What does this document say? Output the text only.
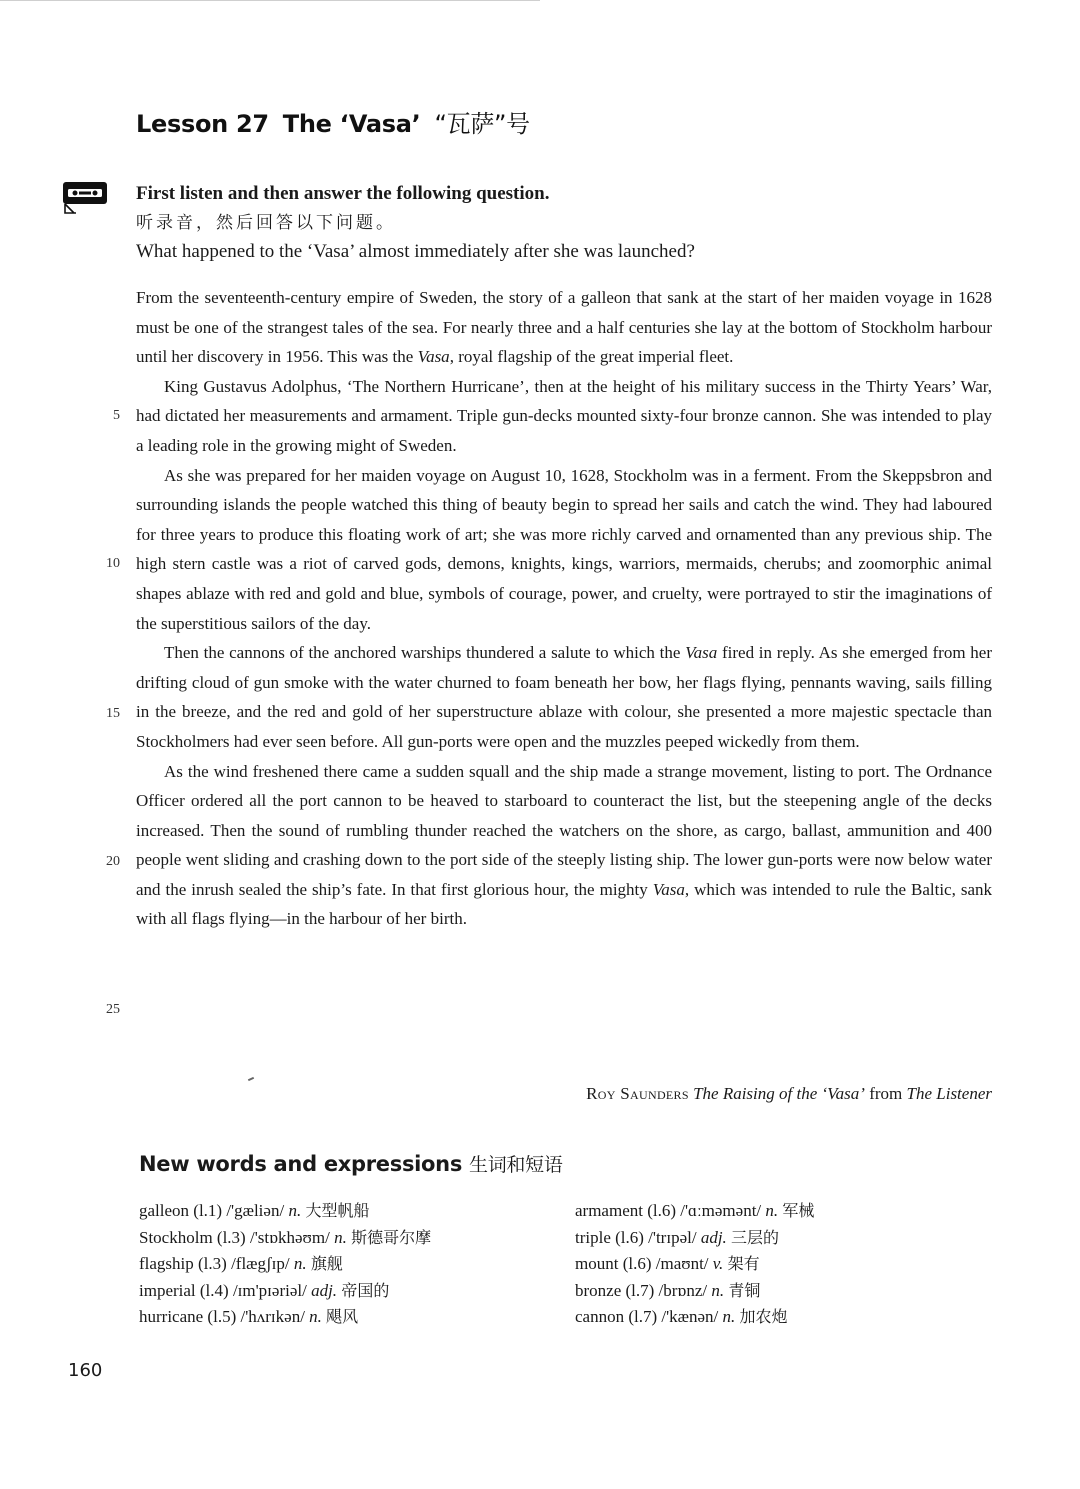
Lesson 27 The ‘Vasa’ “瓦萨”号
First listen and then answer the following question.
听录音，然后回答以下问题。
What happened to the ‘Vasa’ almost immediately after she was launched?

From the seventeenth-century empire of Sweden, the story of a galleon that sank at the start of her maiden voyage in 1628 must be one of the strangest tales of the sea. For nearly three and a half centuries she lay at the bottom of Stockholm harbour until her discovery in 1956. This was the Vasa, royal flagship of the great imperial fleet.

King Gustavus Adolphus, ‘The Northern Hurricane’, then at the height of his military success in the Thirty Years’ War, had dictated her measurements and armament. Triple gun-decks mounted sixty-four bronze cannon. She was intended to play a leading role in the growing might of Sweden.

As she was prepared for her maiden voyage on August 10, 1628, Stockholm was in a ferment. From the Skeppsbron and surrounding islands the people watched this thing of beauty begin to spread her sails and catch the wind. They had laboured for three years to produce this floating work of art; she was more richly carved and ornamented than any previous ship. The high stern castle was a riot of carved gods, demons, knights, kings, warriors, mermaids, cherubs; and zoomorphic animal shapes ablaze with red and gold and blue, symbols of courage, power, and cruelty, were portrayed to stir the imaginations of the superstitious sailors of the day.

Then the cannons of the anchored warships thundered a salute to which the Vasa fired in reply. As she emerged from her drifting cloud of gun smoke with the water churned to foam beneath her bow, her flags flying, pennants waving, sails filling in the breeze, and the red and gold of her superstructure ablaze with colour, she presented a more majestic spectacle than Stockholmers had ever seen before. All gun-ports were open and the muzzles peeped wickedly from them.

As the wind freshened there came a sudden squall and the ship made a strange movement, listing to port. The Ordnance Officer ordered all the port cannon to be heaved to starboard to counteract the list, but the steepening angle of the decks increased. Then the sound of rumbling thunder reached the watchers on the shore, as cargo, ballast, ammunition and 400 people went sliding and crashing down to the port side of the steeply listing ship. The lower gun-ports were now below water and the inrush sealed the ship’s fate. In that first glorious hour, the mighty Vasa, which was intended to rule the Baltic, sank with all flags flying—in the harbour of her birth.

5
10
15
20
25
Roy Saunders The Raising of the ‘Vasa’ from The Listener
New words and expressions 生词和短语

galleon (l.1) /'gæliən/ n. 大型帆船

Stockholm (l.3) /'stɒkhəʊm/ n. 斯德哥尔摩

flagship (l.3) /flægʃɪp/ n. 旗舰

imperial (l.4) /ɪm'pɪəriəl/ adj. 帝国的

hurricane (l.5) /'hʌrɪkən/ n. 飓风

armament (l.6) /'ɑːməmənt/ n. 军械

triple (l.6) /'trɪpəl/ adj. 三层的

mount (l.6) /maʊnt/ v. 架有

bronze (l.7) /brɒnz/ n. 青铜

cannon (l.7) /'kænən/ n. 加农炮

160
